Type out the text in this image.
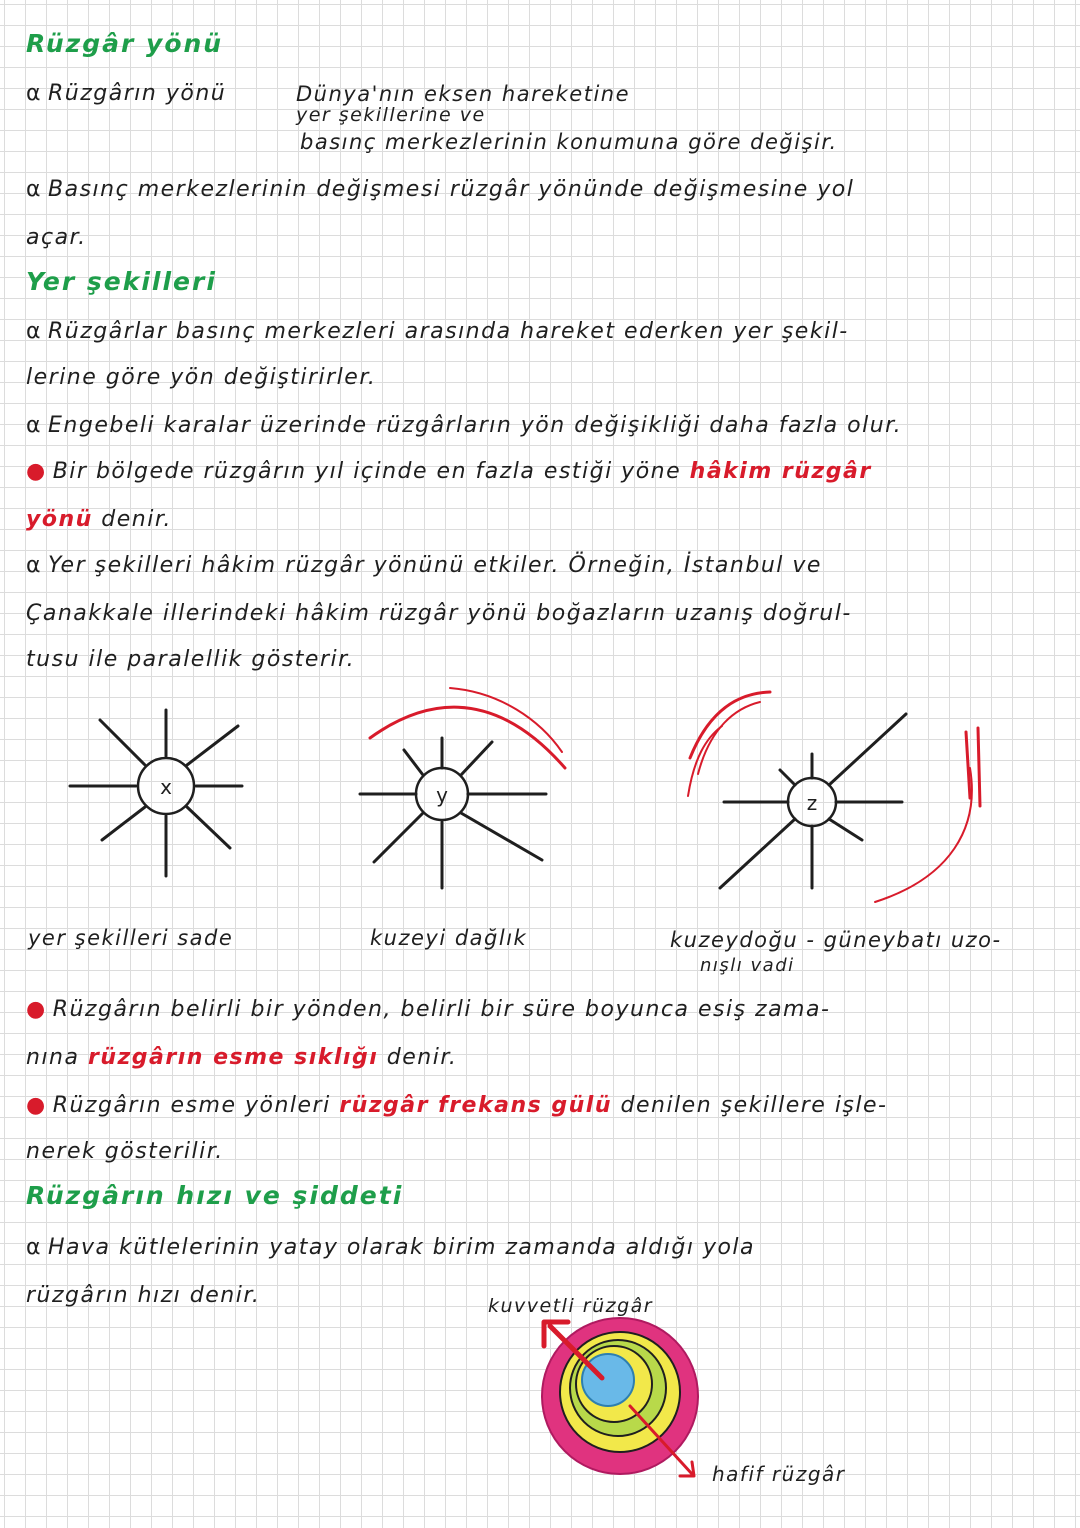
Rüzgâr yönü
α Rüzgârın yönü	Dünya'nın eksen hareketine
yer şekillerine ve
basınç merkezlerinin konumuna göre değişir.
α Basınç merkezlerinin değişmesi rüzgâr yönünde değişmesine yol
açar.
Yer şekilleri
α Rüzgârlar basınç merkezleri arasında hareket ederken yer şekil-
lerine göre yön değiştirirler.
α Engebeli karalar üzerinde rüzgârların yön değişikliği daha fazla olur.
● Bir bölgede rüzgârın yıl içinde en fazla estiği yöne hâkim rüzgâr
yönü denir.
α Yer şekilleri hâkim rüzgâr yönünü etkiler. Örneğin, İstanbul ve
Çanakkale illerindeki hâkim rüzgâr yönü boğazların uzanış doğrul-
tusu ile paralellik gösterir.
x
yer şekilleri sade
y
kuzeyi dağlık
z
kuzeydoğu - güneybatı uzo-
nışlı vadi
● Rüzgârın belirli bir yönden, belirli bir süre boyunca esiş zama-
nına rüzgârın esme sıklığı denir.
● Rüzgârın esme yönleri rüzgâr frekans gülü denilen şekillere işle-
nerek gösterilir.
Rüzgârın hızı ve şiddeti
α Hava kütlelerinin yatay olarak birim zamanda aldığı yola
rüzgârın hızı denir.	kuvvetli rüzgâr
hafif rüzgâr
